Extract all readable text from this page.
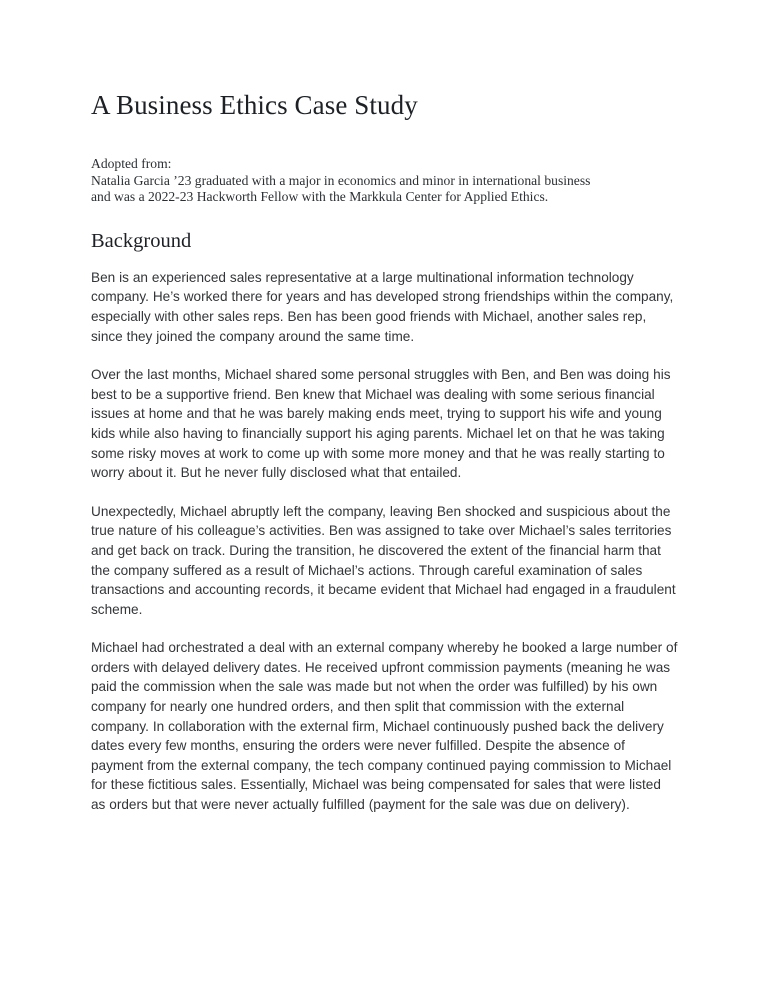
A Business Ethics Case Study
Adopted from:
Natalia Garcia ’23 graduated with a major in economics and minor in international business
and was a 2022-23 Hackworth Fellow with the Markkula Center for Applied Ethics.
Background

Ben is an experienced sales representative at a large multinational information technology company. He’s worked there for years and has developed strong friendships within the company, especially with other sales reps. Ben has been good friends with Michael, another sales rep, since they joined the company around the same time.

Over the last months, Michael shared some personal struggles with Ben, and Ben was doing his best to be a supportive friend. Ben knew that Michael was dealing with some serious financial issues at home and that he was barely making ends meet, trying to support his wife and young kids while also having to financially support his aging parents. Michael let on that he was taking some risky moves at work to come up with some more money and that he was really starting to worry about it. But he never fully disclosed what that entailed.

Unexpectedly, Michael abruptly left the company, leaving Ben shocked and suspicious about the true nature of his colleague’s activities. Ben was assigned to take over Michael’s sales territories and get back on track. During the transition, he discovered the extent of the financial harm that the company suffered as a result of Michael’s actions. Through careful examination of sales transactions and accounting records, it became evident that Michael had engaged in a fraudulent scheme.

Michael had orchestrated a deal with an external company whereby he booked a large number of orders with delayed delivery dates. He received upfront commission payments (meaning he was paid the commission when the sale was made but not when the order was fulfilled) by his own company for nearly one hundred orders, and then split that commission with the external company. In collaboration with the external firm, Michael continuously pushed back the delivery dates every few months, ensuring the orders were never fulfilled. Despite the absence of payment from the external company, the tech company continued paying commission to Michael for these fictitious sales. Essentially, Michael was being compensated for sales that were listed as orders but that were never actually fulfilled (payment for the sale was due on delivery).
